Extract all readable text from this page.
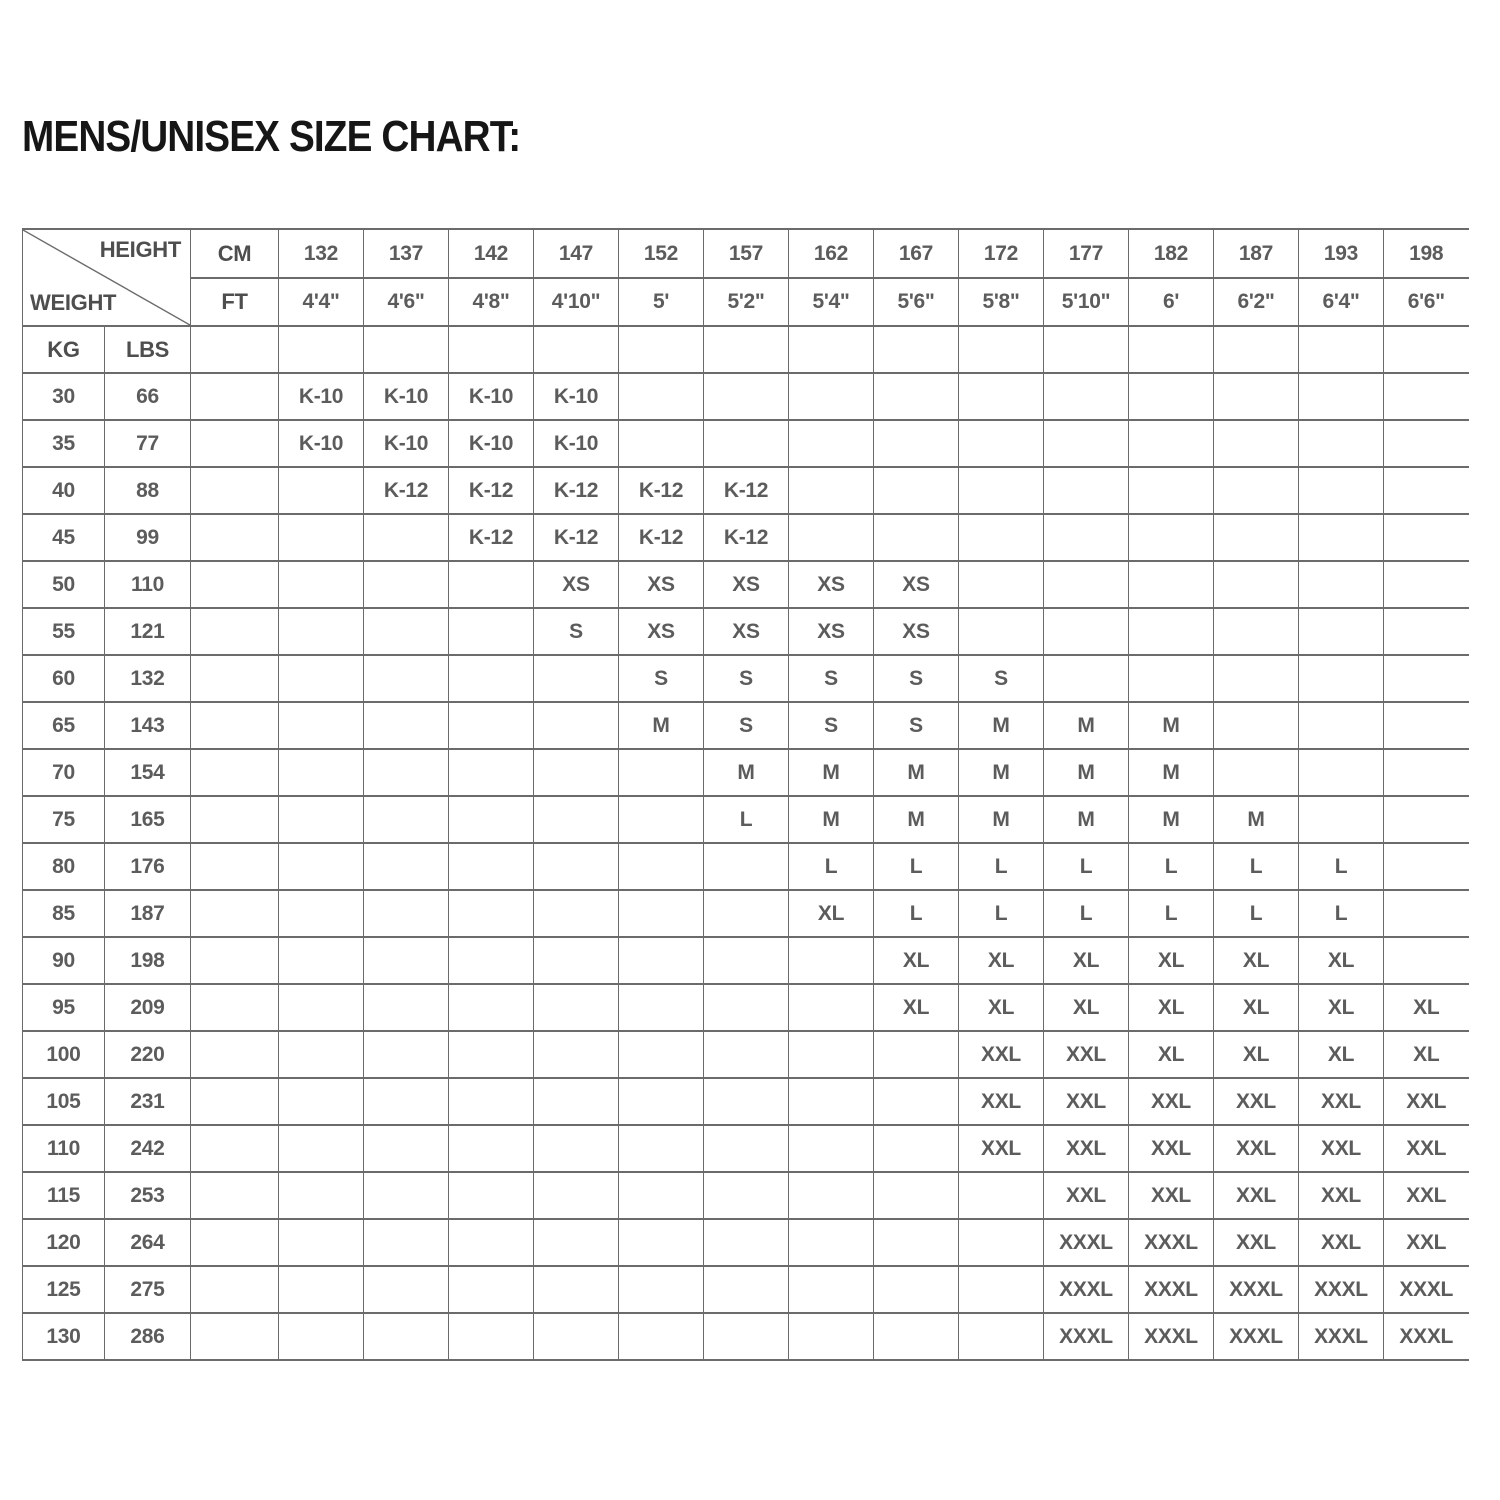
MENS/UNISEX SIZE CHART:
HEIGHT
WEIGHT		CM	132	137	142	147	152	157	162	167	172	177	182	187	193	198
		FT	4'4"	4'6"	4'8"	4'10"	5'	5'2"	5'4"	5'6"	5'8"	5'10"	6'	6'2"	6'4"	6'6"
KG	LBS															
30	66		K-10	K-10	K-10	K-10										
35	77		K-10	K-10	K-10	K-10										
40	88			K-12	K-12	K-12	K-12	K-12								
45	99				K-12	K-12	K-12	K-12								
50	110					XS	XS	XS	XS	XS						
55	121					S	XS	XS	XS	XS						
60	132						S	S	S	S	S					
65	143						M	S	S	S	M	M	M			
70	154							M	M	M	M	M	M			
75	165							L	M	M	M	M	M	M		
80	176								L	L	L	L	L	L	L	
85	187								XL	L	L	L	L	L	L	
90	198									XL	XL	XL	XL	XL	XL	
95	209									XL	XL	XL	XL	XL	XL	XL
100	220										XXL	XXL	XL	XL	XL	XL
105	231										XXL	XXL	XXL	XXL	XXL	XXL
110	242										XXL	XXL	XXL	XXL	XXL	XXL
115	253											XXL	XXL	XXL	XXL	XXL
120	264											XXXL	XXXL	XXL	XXL	XXL
125	275											XXXL	XXXL	XXXL	XXXL	XXXL
130	286											XXXL	XXXL	XXXL	XXXL	XXXL
